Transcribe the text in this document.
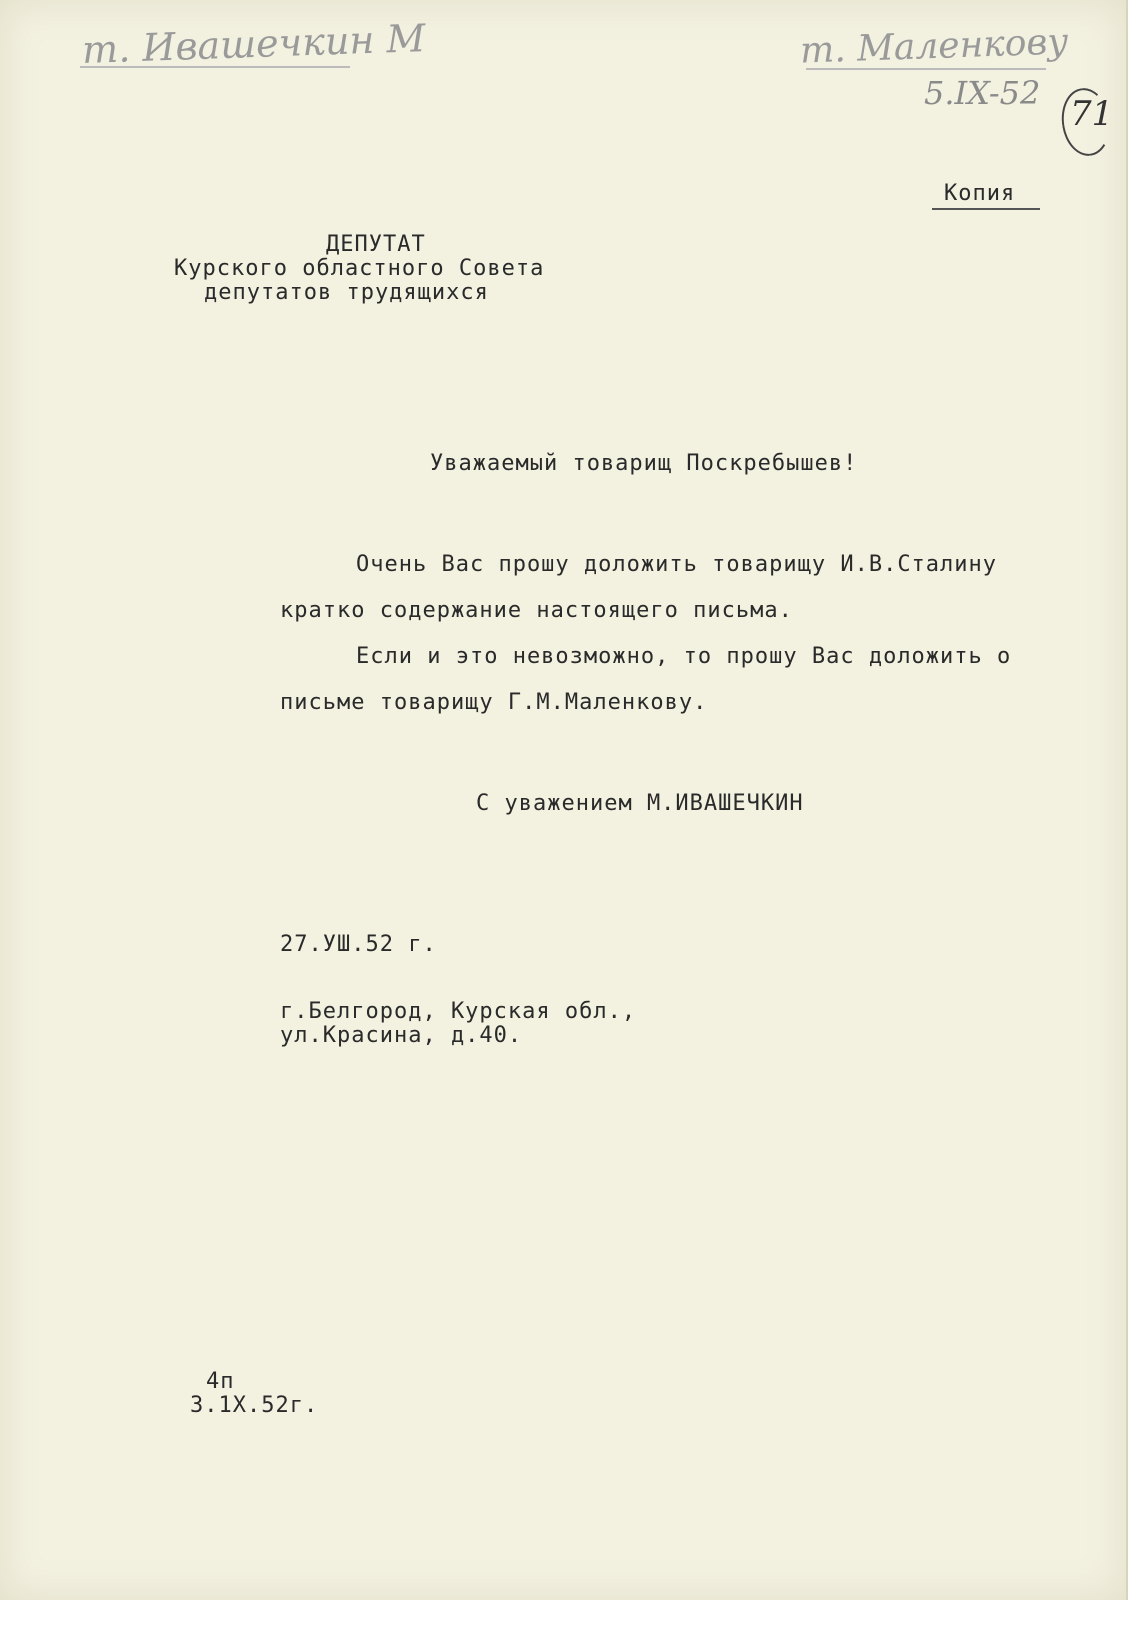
т. Ивашечкин М	т. Маленкову
5.IX-52
71
Копия
ДЕПУТАТ
Курского областного Совета
депутатов трудящихся
Уважаемый товарищ Поскребышев!
Очень Вас прошу доложить товарищу И.В.Сталину
кратко содержание настоящего письма.
Если и это невозможно, то прошу Вас доложить о
письме товарищу Г.М.Маленкову.
С уважением М.ИВАШЕЧКИН
27.УШ.52 г.
г.Белгород, Курская обл.,
ул.Красина, д.40.
4п
3.1Х.52г.
